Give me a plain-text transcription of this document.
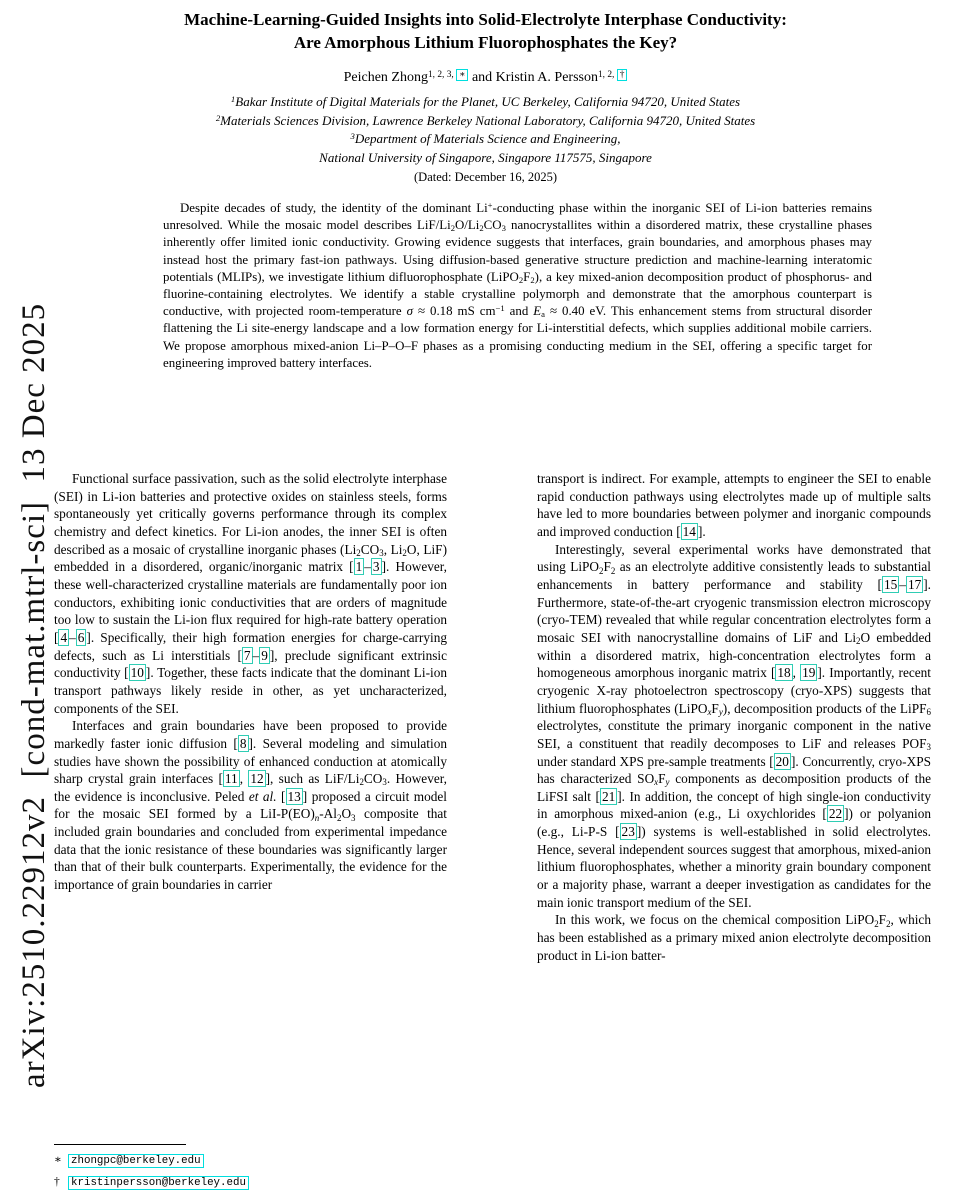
arXiv:2510.22912v2  [cond-mat.mtrl-sci]  13 Dec 2025
Machine-Learning-Guided Insights into Solid-Electrolyte Interphase Conductivity:
Are Amorphous Lithium Fluorophosphates the Key?
Peichen Zhong$^{1, 2, 3,}$ ∗ and Kristin A. Persson$^{1, 2,}$ †
$^1$Bakar Institute of Digital Materials for the Planet, UC Berkeley, California 94720, United States
$^2$Materials Sciences Division, Lawrence Berkeley National Laboratory, California 94720, United States
$^3$Department of Materials Science and Engineering,
National University of Singapore, Singapore 117575, Singapore
(Dated: December 16, 2025)
Despite decades of study, the identity of the dominant Li+-conducting phase within the inorganic SEI of Li-ion batteries remains unresolved. While the mosaic model describes LiF/$Li_2O/Li_2CO_3$ nanocrystallites within a disordered matrix, these crystalline phases inherently offer limited ionic conductivity. Growing evidence suggests that interfaces, grain boundaries, and amorphous phases may instead host the primary fast-ion pathways. Using diffusion-based generative structure prediction and machine-learning interatomic potentials (MLIPs), we investigate lithium difluorophosphate $(LiPO_2F_2)$, a key mixed-anion decomposition product of phosphorus- and fluorine-containing electrolytes. We identify a stable crystalline polymorph and demonstrate that the amorphous counterpart is conductive, with projected room-temperature σ ≈ 0.18 mS $cm^{-1}$ and $E_a \approx 0.40$ eV. This enhancement stems from structural disorder flattening the Li site-energy landscape and a low formation energy for Li-interstitial defects, which supplies additional mobile carriers. We propose amorphous mixed-anion Li–P–O–F phases as a promising conducting medium in the SEI, offering a specific target for engineering improved battery interfaces.

Functional surface passivation, such as the solid electrolyte interphase (SEI) in Li-ion batteries and protective oxides on stainless steels, forms spontaneously yet critically governs performance through its complex chemistry and defect kinetics. For Li-ion anodes, the inner SEI is often described as a mosaic of crystalline inorganic phases ($Li_2CO_3$, $Li_2O$, LiF) embedded in a disordered, organic/inorganic matrix [ 1 – 3 ]. However, these well-characterized crystalline materials are fundamentally poor ion conductors, exhibiting ionic conductivities that are orders of magnitude too low to sustain the Li-ion flux required for high-rate battery operation [ 4 – 6 ]. Specifically, their high formation energies for charge-carrying defects, such as Li interstitials [ 7 – 9 ], preclude significant extrinsic conductivity [ 10 ]. Together, these facts indicate that the dominant Li-ion transport pathways likely reside in other, as yet uncharacterized, components of the SEI.

Interfaces and grain boundaries have been proposed to provide markedly faster ionic diffusion [ 8 ]. Several modeling and simulation studies have shown the possibility of enhanced conduction at atomically sharp crystal grain interfaces [ 11 , 12 ], such as LiF/$Li_2CO_3$. However, the evidence is inconclusive. Peled et al. [ 13 ] proposed a circuit model for the mosaic SEI formed by a LiI-$P(EO)_n-Al_2O_3$ composite that included grain boundaries and concluded from experimental impedance data that the ionic resistance of these boundaries was significantly larger than that of their bulk counterparts. Experimentally, the evidence for the importance of grain boundaries in carrier

transport is indirect. For example, attempts to engineer the SEI to enable rapid conduction pathways using electrolytes made up of multiple salts have led to more boundaries between polymer and inorganic compounds and improved conduction [ 14 ].

Interestingly, several experimental works have demonstrated that using $LiPO_2F_2$ as an electrolyte additive consistently leads to substantial enhancements in battery performance and stability [ 15 – 17 ]. Furthermore, state-of-the-art cryogenic transmission electron microscopy (cryo-TEM) revealed that while regular concentration electrolytes form a mosaic SEI with nanocrystalline domains of LiF and $Li_2O$ embedded within a disordered matrix, high-concentration electrolytes form a homogeneous amorphous inorganic matrix [ 18 , 19 ]. Importantly, recent cryogenic X-ray photoelectron spectroscopy (cryo-XPS) suggests that lithium fluorophosphates $(LiPO_xF_y)$, decomposition products of the LiPF$_6$ electrolytes, constitute the primary inorganic component in the native SEI, a constituent that readily decomposes to LiF and releases $POF_3$ under standard XPS pre-sample treatments [ 20 ]. Concurrently, cryo-XPS has characterized $SO_xF_y$ components as decomposition products of the LiFSI salt [ 21 ]. In addition, the concept of high single-ion conductivity in amorphous mixed-anion (e.g., Li oxychlorides [ 22 ]) or polyanion (e.g., Li-P-S [ 23 ]) systems is well-established in solid electrolytes. Hence, several independent sources suggest that amorphous, mixed-anion lithium fluorophosphates, whether a minority grain boundary component or a majority phase, warrant a deeper investigation as candidates for the main ionic transport medium of the SEI.

In this work, we focus on the chemical composition $LiPO_2F_2$, which has been established as a primary mixed anion electrolyte decomposition product in Li-ion batter-

∗ zhongpc@berkeley.edu
† kristinpersson@berkeley.edu
